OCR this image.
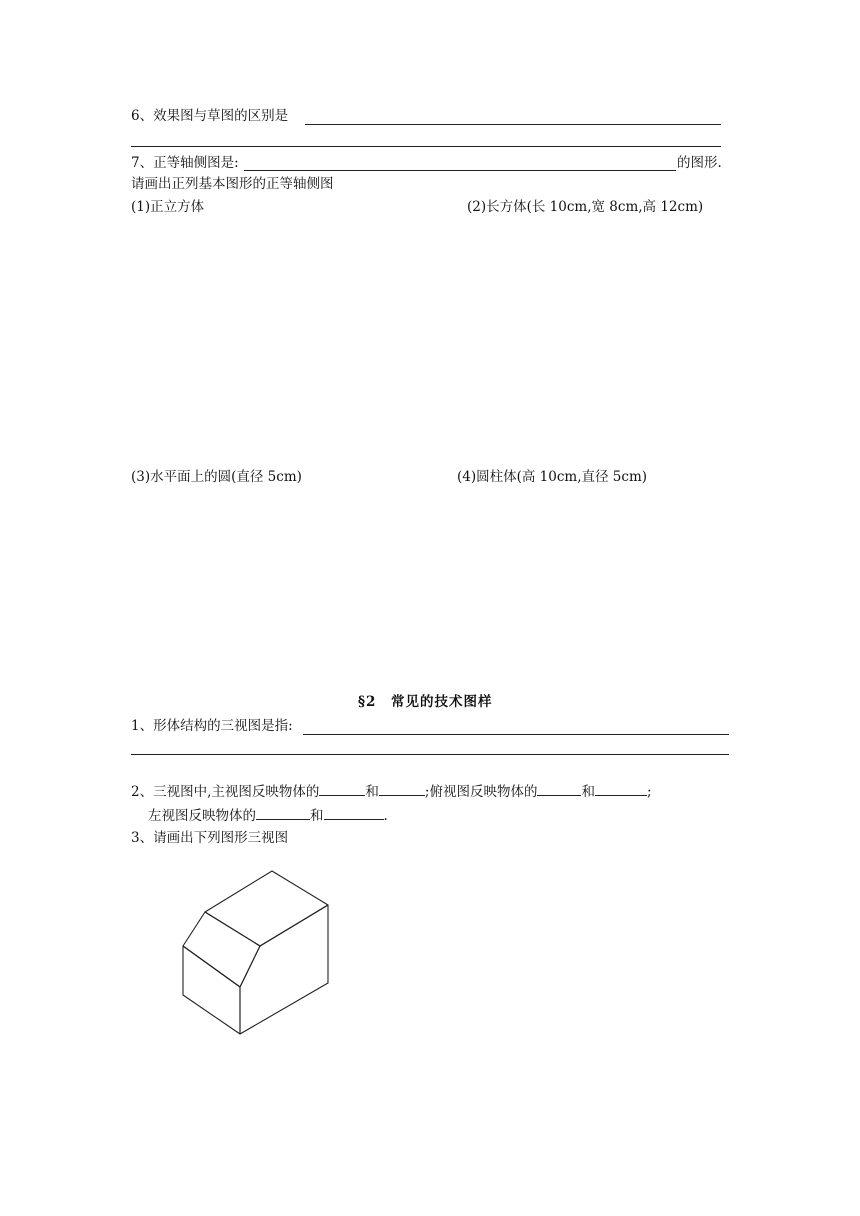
6、效果图与草图的区别是
7、正等轴侧图是:	的图形.
请画出正列基本图形的正等轴侧图
(1)正立方体	(2)长方体(长 10cm,宽 8cm,高 12cm)
(3)水平面上的圆(直径 5cm)	(4)圆柱体(高 10cm,直径 5cm)
§2　常见的技术图样
1、形体结构的三视图是指:
2、三视图中,主视图反映物体的	和	;俯视图反映物体的	和	;
左视图反映物体的	和	.
3、请画出下列图形三视图
